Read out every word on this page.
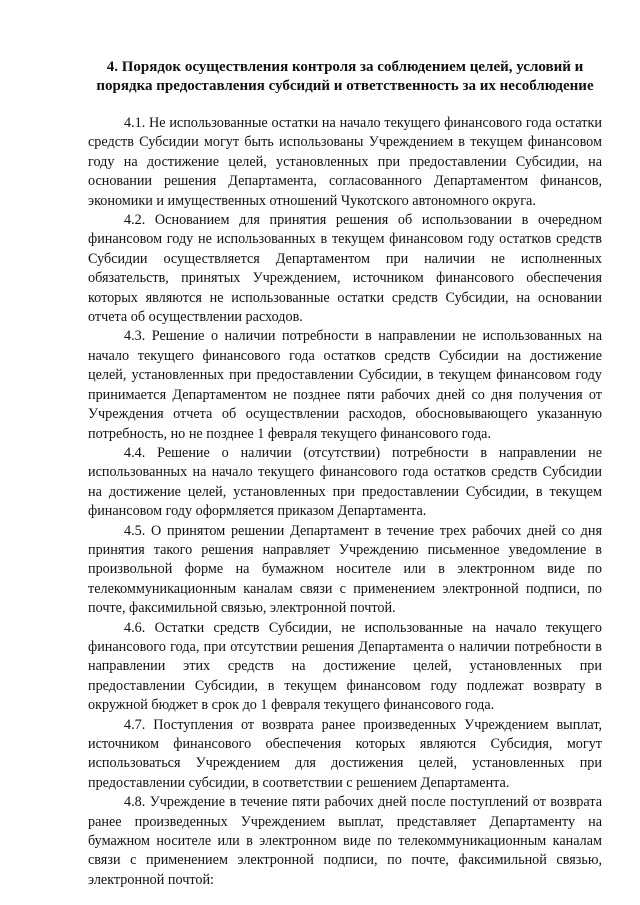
4. Порядок осуществления контроля за соблюдением целей, условий и
порядка предоставления субсидий и ответственность за их несоблюдение

4.1. Не использованные остатки на начало текущего финансового года остатки средств Субсидии могут быть использованы Учреждением в текущем финансовом году на достижение целей, установленных при предоставлении Субсидии, на основании решения Департамента, согласованного Департаментом финансов, экономики и имущественных отношений Чукотского автономного округа.

4.2. Основанием для принятия решения об использовании в очередном финансовом году не использованных в текущем финансовом году остатков средств Субсидии осуществляется Департаментом при наличии не исполненных обязательств, принятых Учреждением, источником финансового обеспечения которых являются не использованные остатки средств Субсидии, на основании отчета об осуществлении расходов.

4.3. Решение о наличии потребности в направлении не использованных на начало текущего финансового года остатков средств Субсидии на достижение целей, установленных при предоставлении Субсидии, в текущем финансовом году принимается Департаментом не позднее пяти рабочих дней со дня получения от Учреждения отчета об осуществлении расходов, обосновывающего указанную потребность, но не позднее 1 февраля текущего финансового года.

4.4. Решение о наличии (отсутствии) потребности в направлении не использованных на начало текущего финансового года остатков средств Субсидии на достижение целей, установленных при предоставлении Субсидии, в текущем финансовом году оформляется приказом Департамента.

4.5. О принятом решении Департамент в течение трех рабочих дней со дня принятия такого решения направляет Учреждению письменное уведомление в произвольной форме на бумажном носителе или в электронном виде по телекоммуникационным каналам связи с применением электронной подписи, по почте, факсимильной связью, электронной почтой.

4.6. Остатки средств Субсидии, не использованные на начало текущего финансового года, при отсутствии решения Департамента о наличии потребности в направлении этих средств на достижение целей, установленных при предоставлении Субсидии, в текущем финансовом году подлежат возврату в окружной бюджет в срок до 1 февраля текущего финансового года.

4.7. Поступления от возврата ранее произведенных Учреждением выплат, источником финансового обеспечения которых являются Субсидия, могут использоваться Учреждением для достижения целей, установленных при предоставлении субсидии, в соответствии с решением Департамента.

4.8. Учреждение в течение пяти рабочих дней после поступлений от возврата ранее произведенных Учреждением выплат, представляет Департаменту на бумажном носителе или в электронном виде по телекоммуникационным каналам связи с применением электронной подписи, по почте, факсимильной связью, электронной почтой:
